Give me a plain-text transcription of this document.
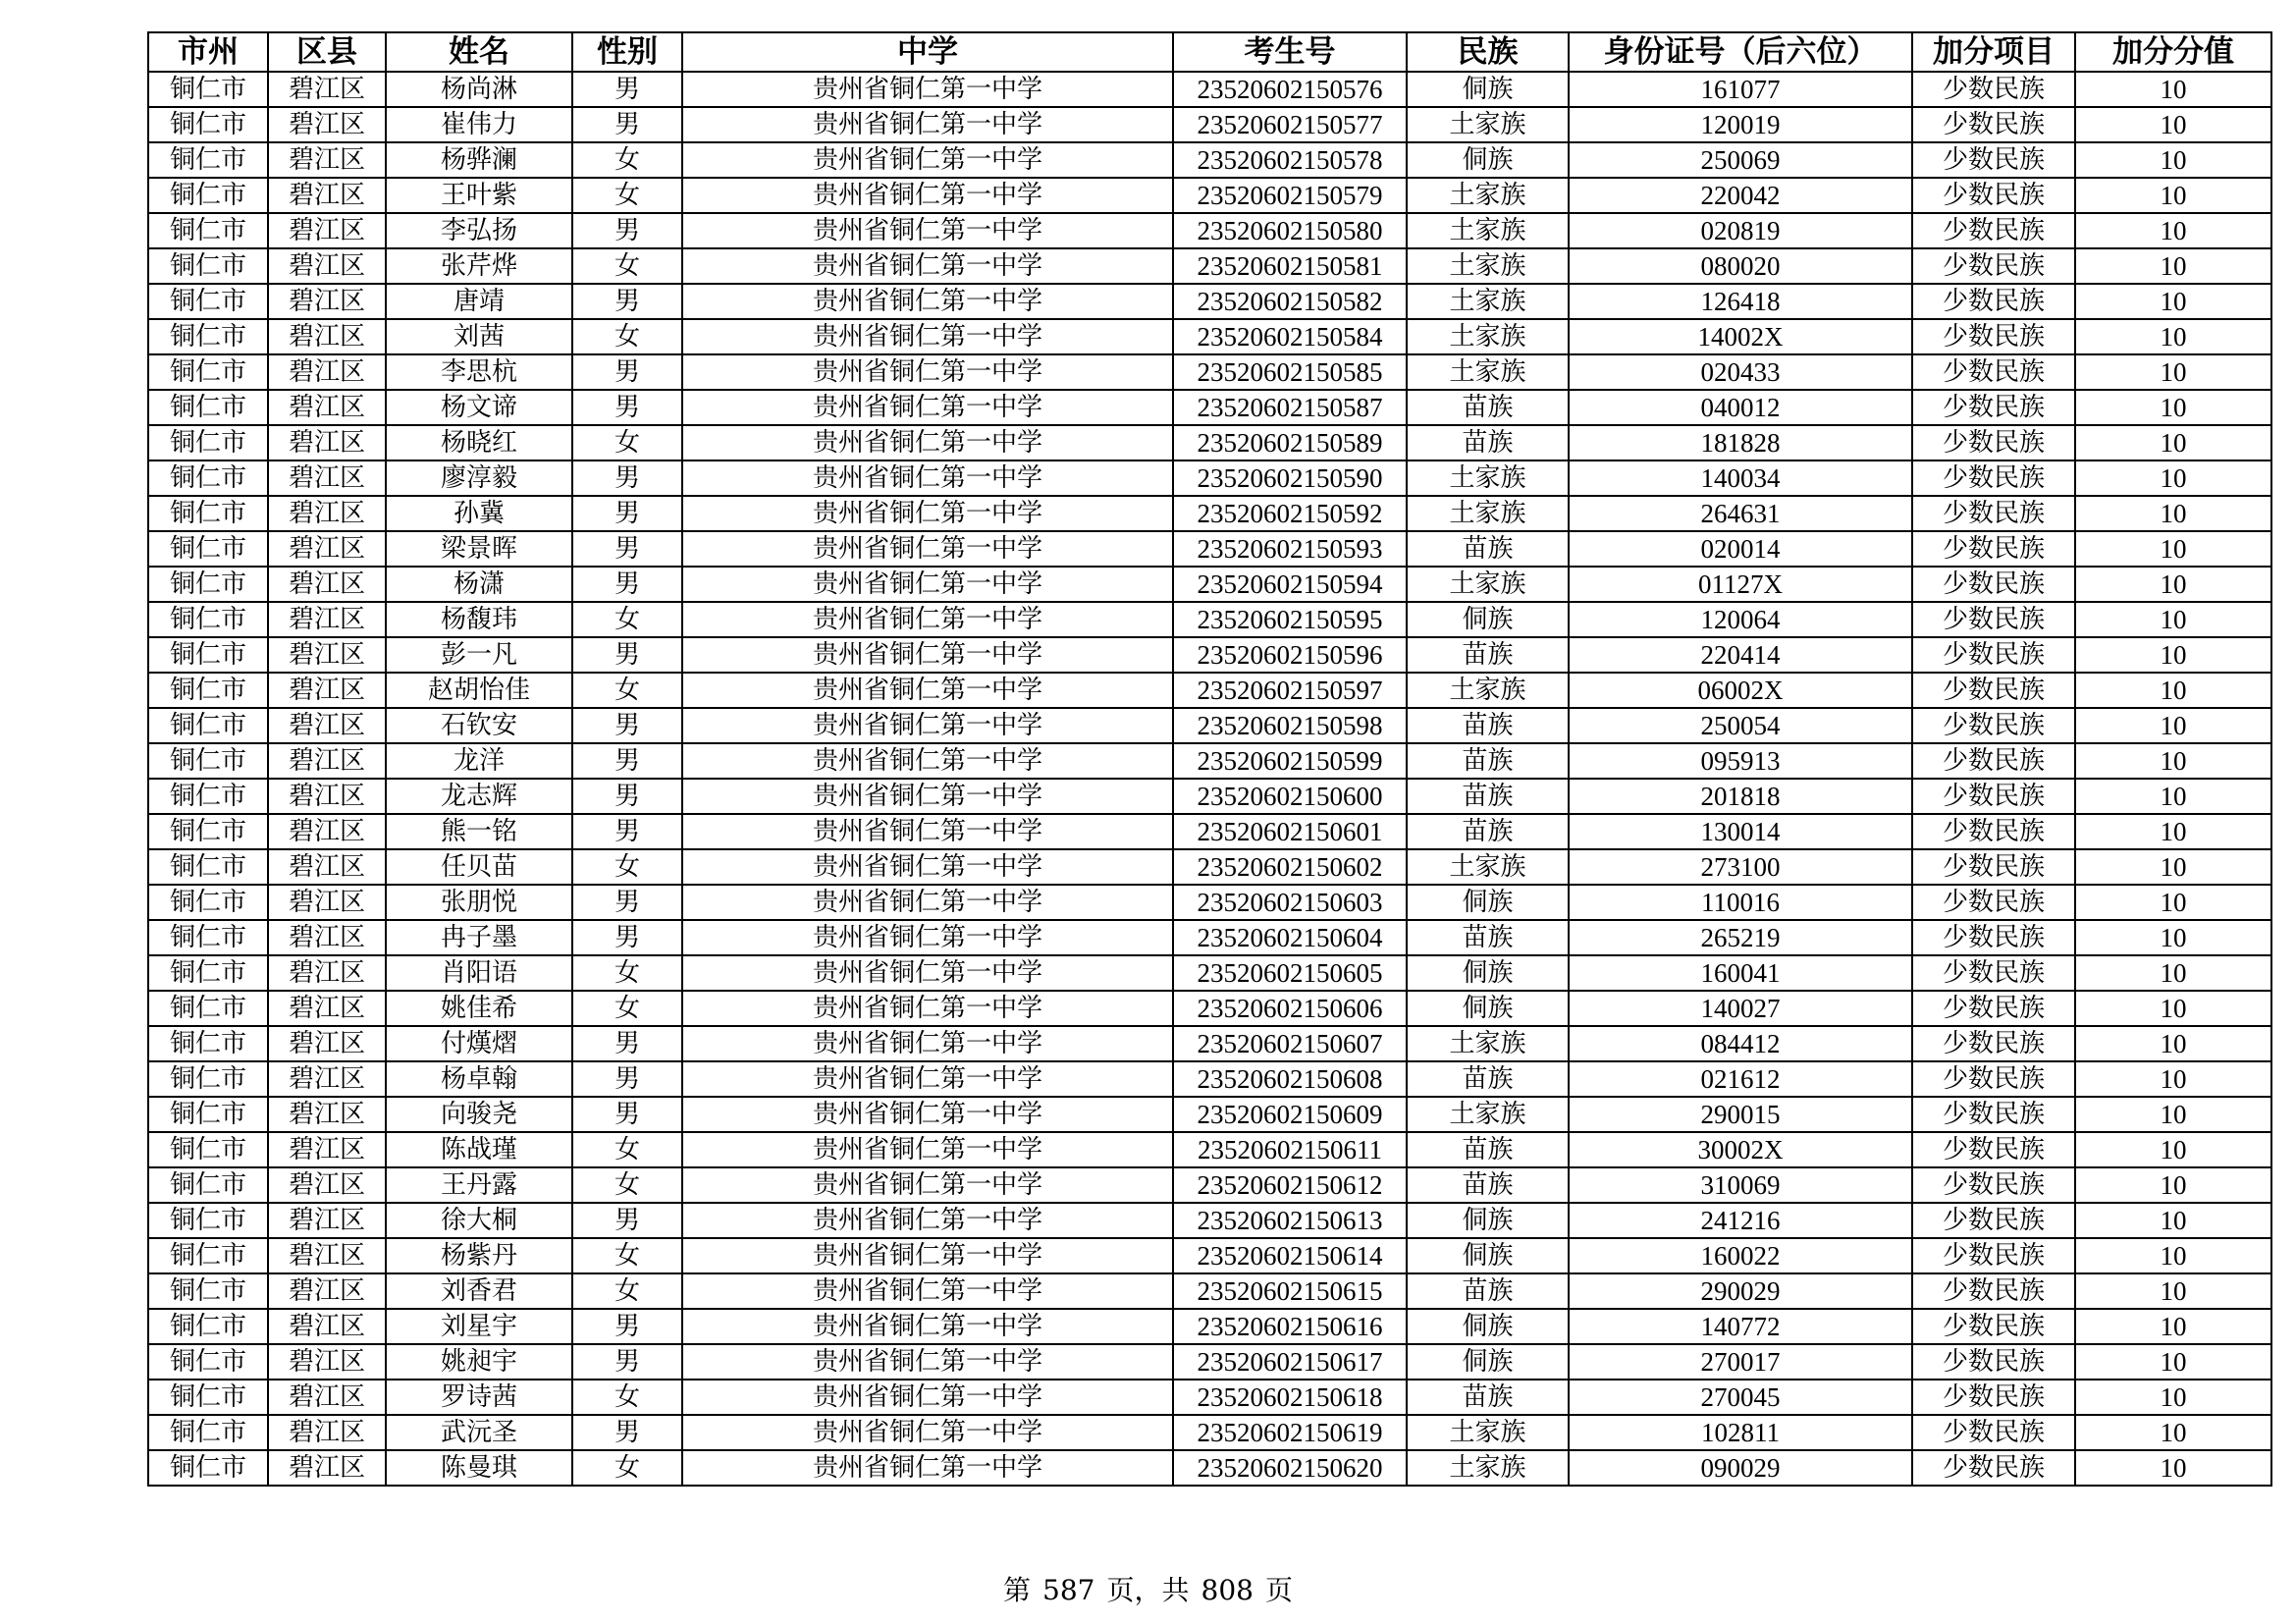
市州	区县	姓名	性别	中学	考生号	民族	身份证号（后六位）	加分项目	加分分值
铜仁市	碧江区	杨尚淋	男	贵州省铜仁第一中学	23520602150576	侗族	161077	少数民族	10
铜仁市	碧江区	崔伟力	男	贵州省铜仁第一中学	23520602150577	土家族	120019	少数民族	10
铜仁市	碧江区	杨骅澜	女	贵州省铜仁第一中学	23520602150578	侗族	250069	少数民族	10
铜仁市	碧江区	王叶紫	女	贵州省铜仁第一中学	23520602150579	土家族	220042	少数民族	10
铜仁市	碧江区	李弘扬	男	贵州省铜仁第一中学	23520602150580	土家族	020819	少数民族	10
铜仁市	碧江区	张芹烨	女	贵州省铜仁第一中学	23520602150581	土家族	080020	少数民族	10
铜仁市	碧江区	唐靖	男	贵州省铜仁第一中学	23520602150582	土家族	126418	少数民族	10
铜仁市	碧江区	刘茜	女	贵州省铜仁第一中学	23520602150584	土家族	14002X	少数民族	10
铜仁市	碧江区	李思杭	男	贵州省铜仁第一中学	23520602150585	土家族	020433	少数民族	10
铜仁市	碧江区	杨文谛	男	贵州省铜仁第一中学	23520602150587	苗族	040012	少数民族	10
铜仁市	碧江区	杨晓红	女	贵州省铜仁第一中学	23520602150589	苗族	181828	少数民族	10
铜仁市	碧江区	廖淳毅	男	贵州省铜仁第一中学	23520602150590	土家族	140034	少数民族	10
铜仁市	碧江区	孙冀	男	贵州省铜仁第一中学	23520602150592	土家族	264631	少数民族	10
铜仁市	碧江区	梁景晖	男	贵州省铜仁第一中学	23520602150593	苗族	020014	少数民族	10
铜仁市	碧江区	杨潇	男	贵州省铜仁第一中学	23520602150594	土家族	01127X	少数民族	10
铜仁市	碧江区	杨馥玮	女	贵州省铜仁第一中学	23520602150595	侗族	120064	少数民族	10
铜仁市	碧江区	彭一凡	男	贵州省铜仁第一中学	23520602150596	苗族	220414	少数民族	10
铜仁市	碧江区	赵胡怡佳	女	贵州省铜仁第一中学	23520602150597	土家族	06002X	少数民族	10
铜仁市	碧江区	石钦安	男	贵州省铜仁第一中学	23520602150598	苗族	250054	少数民族	10
铜仁市	碧江区	龙洋	男	贵州省铜仁第一中学	23520602150599	苗族	095913	少数民族	10
铜仁市	碧江区	龙志辉	男	贵州省铜仁第一中学	23520602150600	苗族	201818	少数民族	10
铜仁市	碧江区	熊一铭	男	贵州省铜仁第一中学	23520602150601	苗族	130014	少数民族	10
铜仁市	碧江区	任贝苗	女	贵州省铜仁第一中学	23520602150602	土家族	273100	少数民族	10
铜仁市	碧江区	张朋悦	男	贵州省铜仁第一中学	23520602150603	侗族	110016	少数民族	10
铜仁市	碧江区	冉子墨	男	贵州省铜仁第一中学	23520602150604	苗族	265219	少数民族	10
铜仁市	碧江区	肖阳语	女	贵州省铜仁第一中学	23520602150605	侗族	160041	少数民族	10
铜仁市	碧江区	姚佳希	女	贵州省铜仁第一中学	23520602150606	侗族	140027	少数民族	10
铜仁市	碧江区	付熯熠	男	贵州省铜仁第一中学	23520602150607	土家族	084412	少数民族	10
铜仁市	碧江区	杨卓翰	男	贵州省铜仁第一中学	23520602150608	苗族	021612	少数民族	10
铜仁市	碧江区	向骏尧	男	贵州省铜仁第一中学	23520602150609	土家族	290015	少数民族	10
铜仁市	碧江区	陈战瑾	女	贵州省铜仁第一中学	23520602150611	苗族	30002X	少数民族	10
铜仁市	碧江区	王丹露	女	贵州省铜仁第一中学	23520602150612	苗族	310069	少数民族	10
铜仁市	碧江区	徐大桐	男	贵州省铜仁第一中学	23520602150613	侗族	241216	少数民族	10
铜仁市	碧江区	杨紫丹	女	贵州省铜仁第一中学	23520602150614	侗族	160022	少数民族	10
铜仁市	碧江区	刘香君	女	贵州省铜仁第一中学	23520602150615	苗族	290029	少数民族	10
铜仁市	碧江区	刘星宇	男	贵州省铜仁第一中学	23520602150616	侗族	140772	少数民族	10
铜仁市	碧江区	姚昶宇	男	贵州省铜仁第一中学	23520602150617	侗族	270017	少数民族	10
铜仁市	碧江区	罗诗茜	女	贵州省铜仁第一中学	23520602150618	苗族	270045	少数民族	10
铜仁市	碧江区	武沅圣	男	贵州省铜仁第一中学	23520602150619	土家族	102811	少数民族	10
铜仁市	碧江区	陈曼琪	女	贵州省铜仁第一中学	23520602150620	土家族	090029	少数民族	10
第 587 页，共 808 页
